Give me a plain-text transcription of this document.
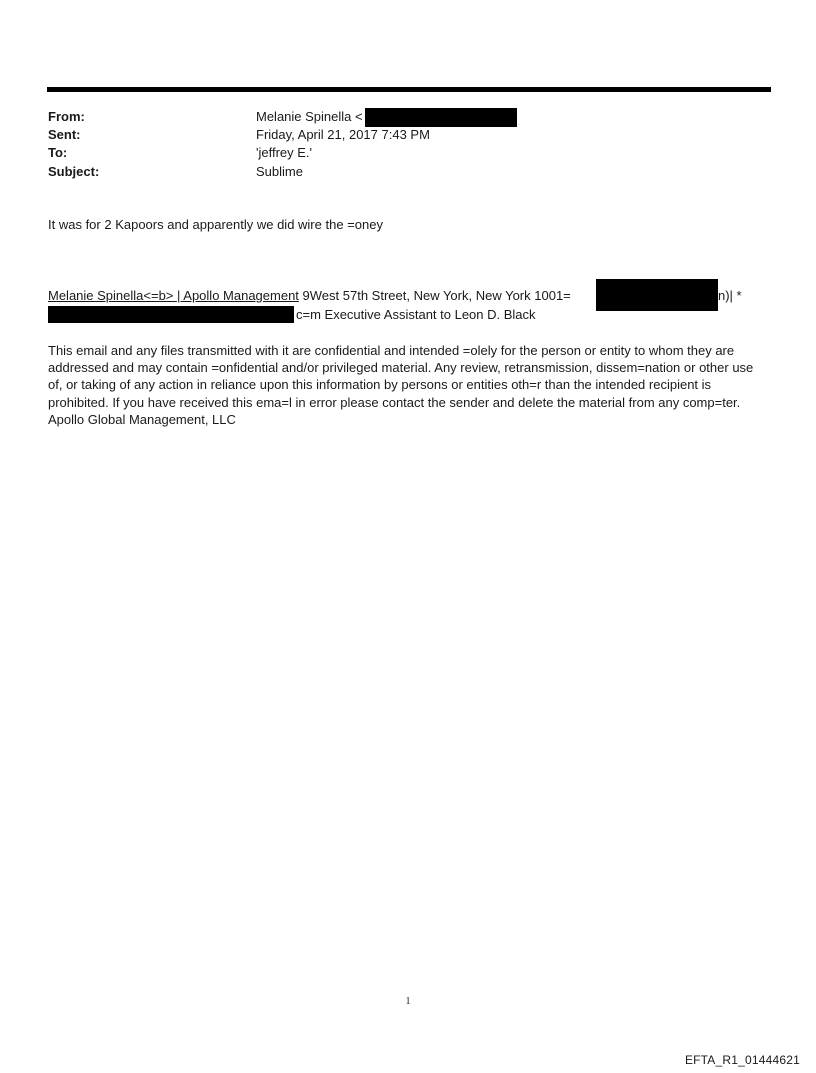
From:	Melanie Spinella <
Sent:	Friday, April 21, 2017 7:43 PM
To:	'jeffrey E.'
Subject:	Sublime
It was for 2 Kapoors and apparently we did wire the =oney
Melanie Spinella<=b> | Apollo Management 9West 57th Street, New York, New York 1001=	n)| *
c=m Executive Assistant to Leon D. Black
This email and any files transmitted with it are confidential and intended =olely for the person or entity to whom they are addressed and may contain =onfidential and/or privileged material. Any review, retransmission, dissem=nation or other use of, or taking of any action in reliance upon this information by persons or entities oth=r than the intended recipient is prohibited. If you have received this ema=l in error please contact the sender and delete the material from any comp=ter. Apollo Global Management, LLC
1
EFTA_R1_01444621
